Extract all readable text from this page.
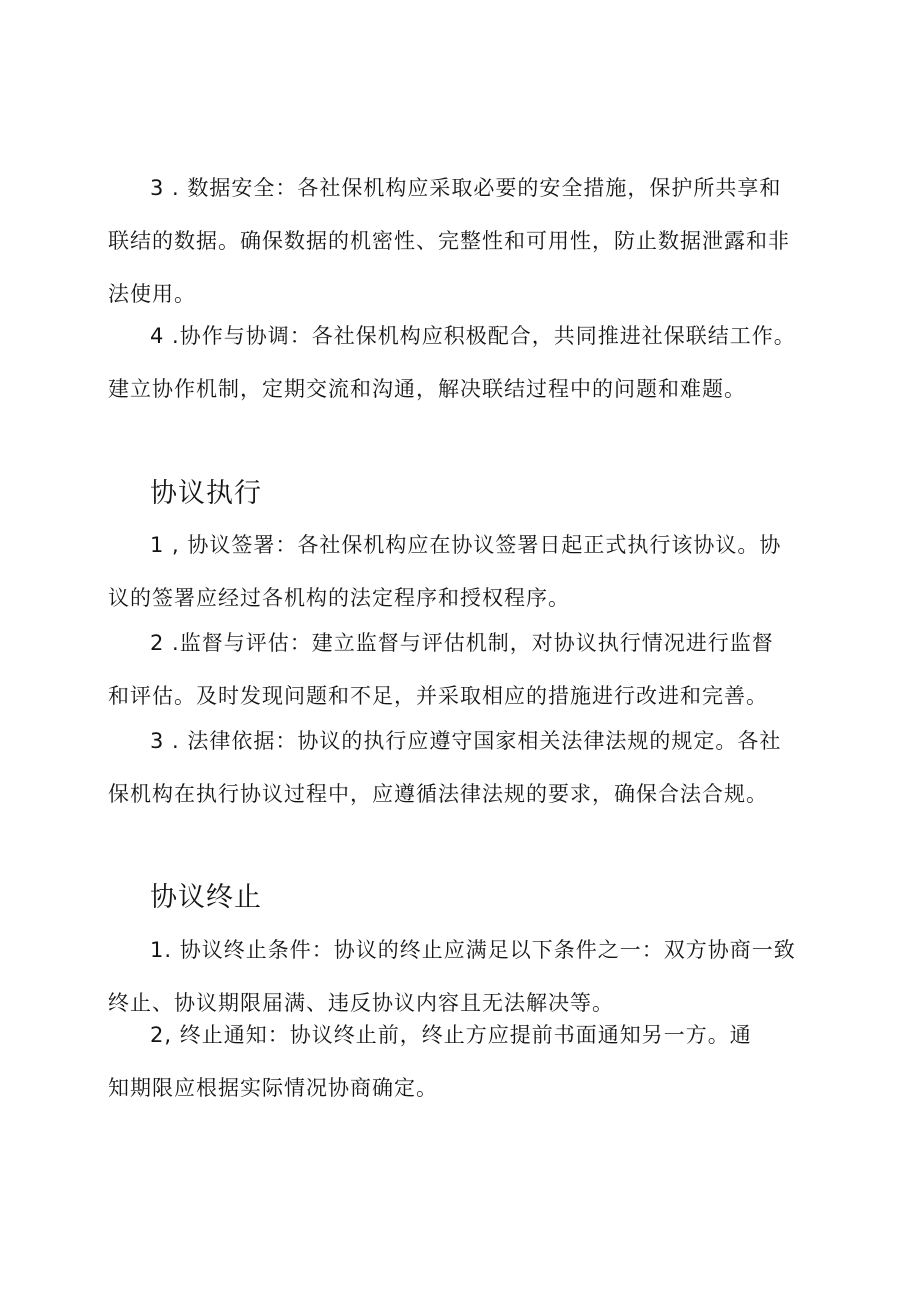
3 . 数据安全：各社保机构应采取必要的安全措施，保护所共享和
联结的数据。确保数据的机密性、完整性和可用性，防止数据泄露和非
法使用。

4 .协作与协调：各社保机构应积极配合，共同推进社保联结工作。
建立协作机制，定期交流和沟通，解决联结过程中的问题和难题。

协议执行

1 , 协议签署：各社保机构应在协议签署日起正式执行该协议。协
议的签署应经过各机构的法定程序和授权程序。

2 .监督与评估：建立监督与评估机制，对协议执行情况进行监督
和评估。及时发现问题和不足，并采取相应的措施进行改进和完善。

3 . 法律依据：协议的执行应遵守国家相关法律法规的规定。各社
保机构在执行协议过程中，应遵循法律法规的要求，确保合法合规。

协议终止

1. 协议终止条件：协议的终止应满足以下条件之一：双方协商一致
终止、协议期限届满、违反协议内容且无法解决等。

2, 终止通知：协议终止前，终止方应提前书面通知另一方。通
知期限应根据实际情况协商确定。
